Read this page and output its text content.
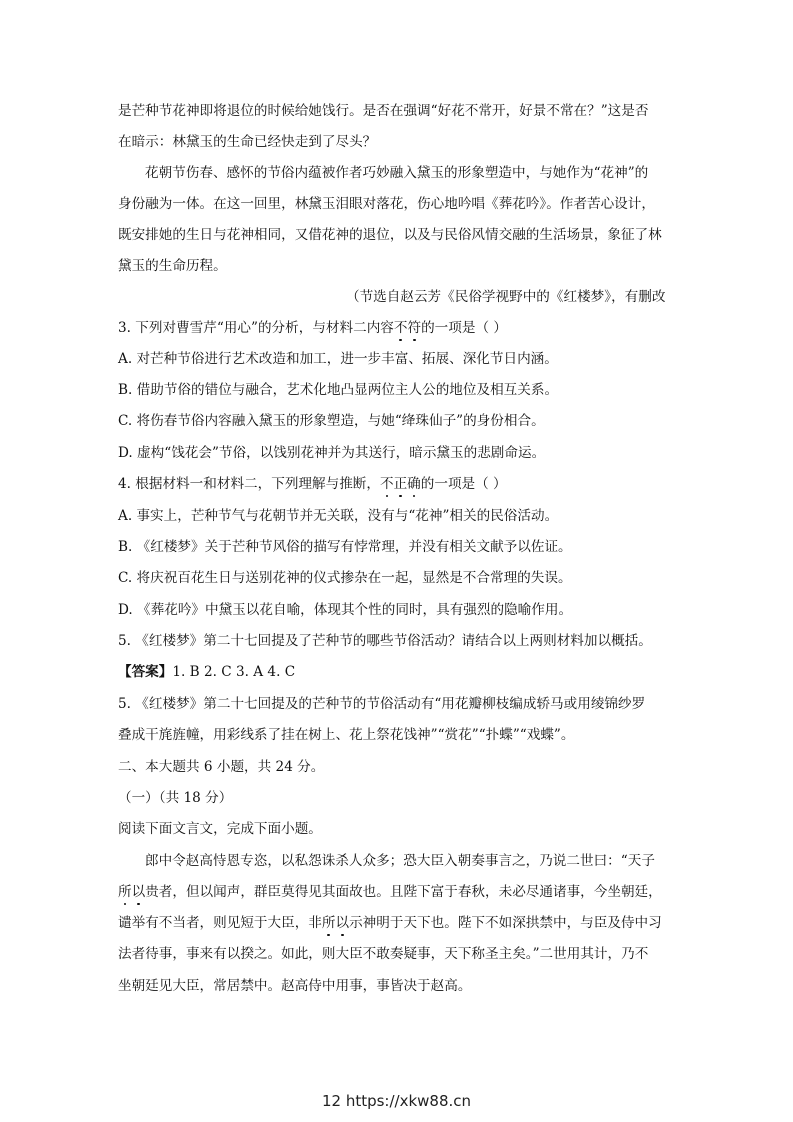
是芒种节花神即将退位的时候给她饯行。是否在强调“好花不常开，好景不常在？”这是否
在暗示：林黛玉的生命已经快走到了尽头？
花朝节伤春、感怀的节俗内蕴被作者巧妙融入黛玉的形象塑造中，与她作为“花神”的
身份融为一体。在这一回里，林黛玉泪眼对落花，伤心地吟唱《葬花吟》。作者苦心设计，
既安排她的生日与花神相同，又借花神的退位，以及与民俗风情交融的生活场景，象征了林
黛玉的生命历程。
（节选自赵云芳《民俗学视野中的《红楼梦》，有删改
3. 下列对曹雪芹“用心”的分析，与材料二内容不符的一项是（ ）
A. 对芒种节俗进行艺术改造和加工，进一步丰富、拓展、深化节日内涵。
B. 借助节俗的错位与融合，艺术化地凸显两位主人公的地位及相互关系。
C. 将伤春节俗内容融入黛玉的形象塑造，与她“绛珠仙子”的身份相合。
D. 虚构“饯花会”节俗，以饯别花神并为其送行，暗示黛玉的悲剧命运。
4. 根据材料一和材料二，下列理解与推断，不正确的一项是（ ）
A. 事实上，芒种节气与花朝节并无关联，没有与“花神”相关的民俗活动。
B. 《红楼梦》关于芒种节风俗的描写有悖常理，并没有相关文献予以佐证。
C. 将庆祝百花生日与送别花神的仪式掺杂在一起，显然是不合常理的失误。
D. 《葬花吟》中黛玉以花自喻，体现其个性的同时，具有强烈的隐喻作用。
5. 《红楼梦》第二十七回提及了芒种节的哪些节俗活动？请结合以上两则材料加以概括。
【答案】1. B 2. C 3. A 4. C
5. 《红楼梦》第二十七回提及的芒种节的节俗活动有“用花瓣柳枝编成轿马或用绫锦纱罗
叠成干旄旌幢，用彩线系了挂在树上、花上祭花饯神”“赏花”“扑蝶”“戏蝶”。
二、本大题共 6 小题，共 24 分。
（一）（共 18 分）
阅读下面文言文，完成下面小题。
郎中令赵高恃恩专恣，以私怨诛杀人众多；恐大臣入朝奏事言之，乃说二世曰：“天子
所以贵者，但以闻声，群臣莫得见其面故也。且陛下富于春秋，未必尽通诸事，今坐朝廷，
谴举有不当者，则见短于大臣，非所以示神明于天下也。陛下不如深拱禁中，与臣及侍中习
法者待事，事来有以揆之。如此，则大臣不敢奏疑事，天下称圣主矣。”二世用其计，乃不
坐朝廷见大臣，常居禁中。赵高侍中用事，事皆决于赵高。
12 https://xkw88.cn
